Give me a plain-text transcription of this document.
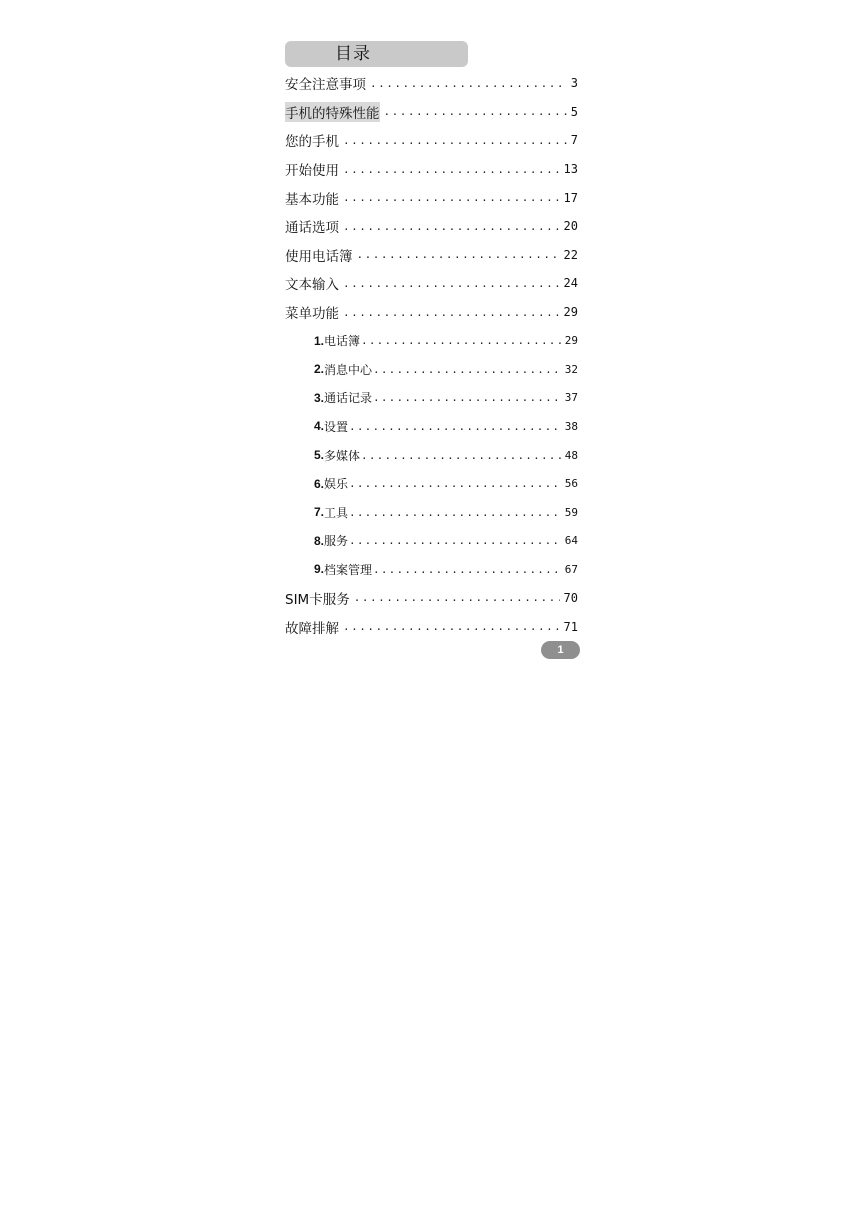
目录
安全注意事项 .....	3
手机的特殊性能 .....	5
您的手机 .....	7
开始使用 .....	13
基本功能 .....	17
通话选项 .....	20
使用电话簿 .....	22
文本输入 .....	24
菜单功能 .....	29
1. 电话簿 .....	29
2. 消息中心 .....	32
3. 通话记录 .....	37
4. 设置 .....	38
5. 多媒体 .....	48
6. 娱乐 .....	56
7. 工具 .....	59
8. 服务 .....	64
9. 档案管理 .....	67
SIM卡服务 .....	70
故障排解 .....	71
1
